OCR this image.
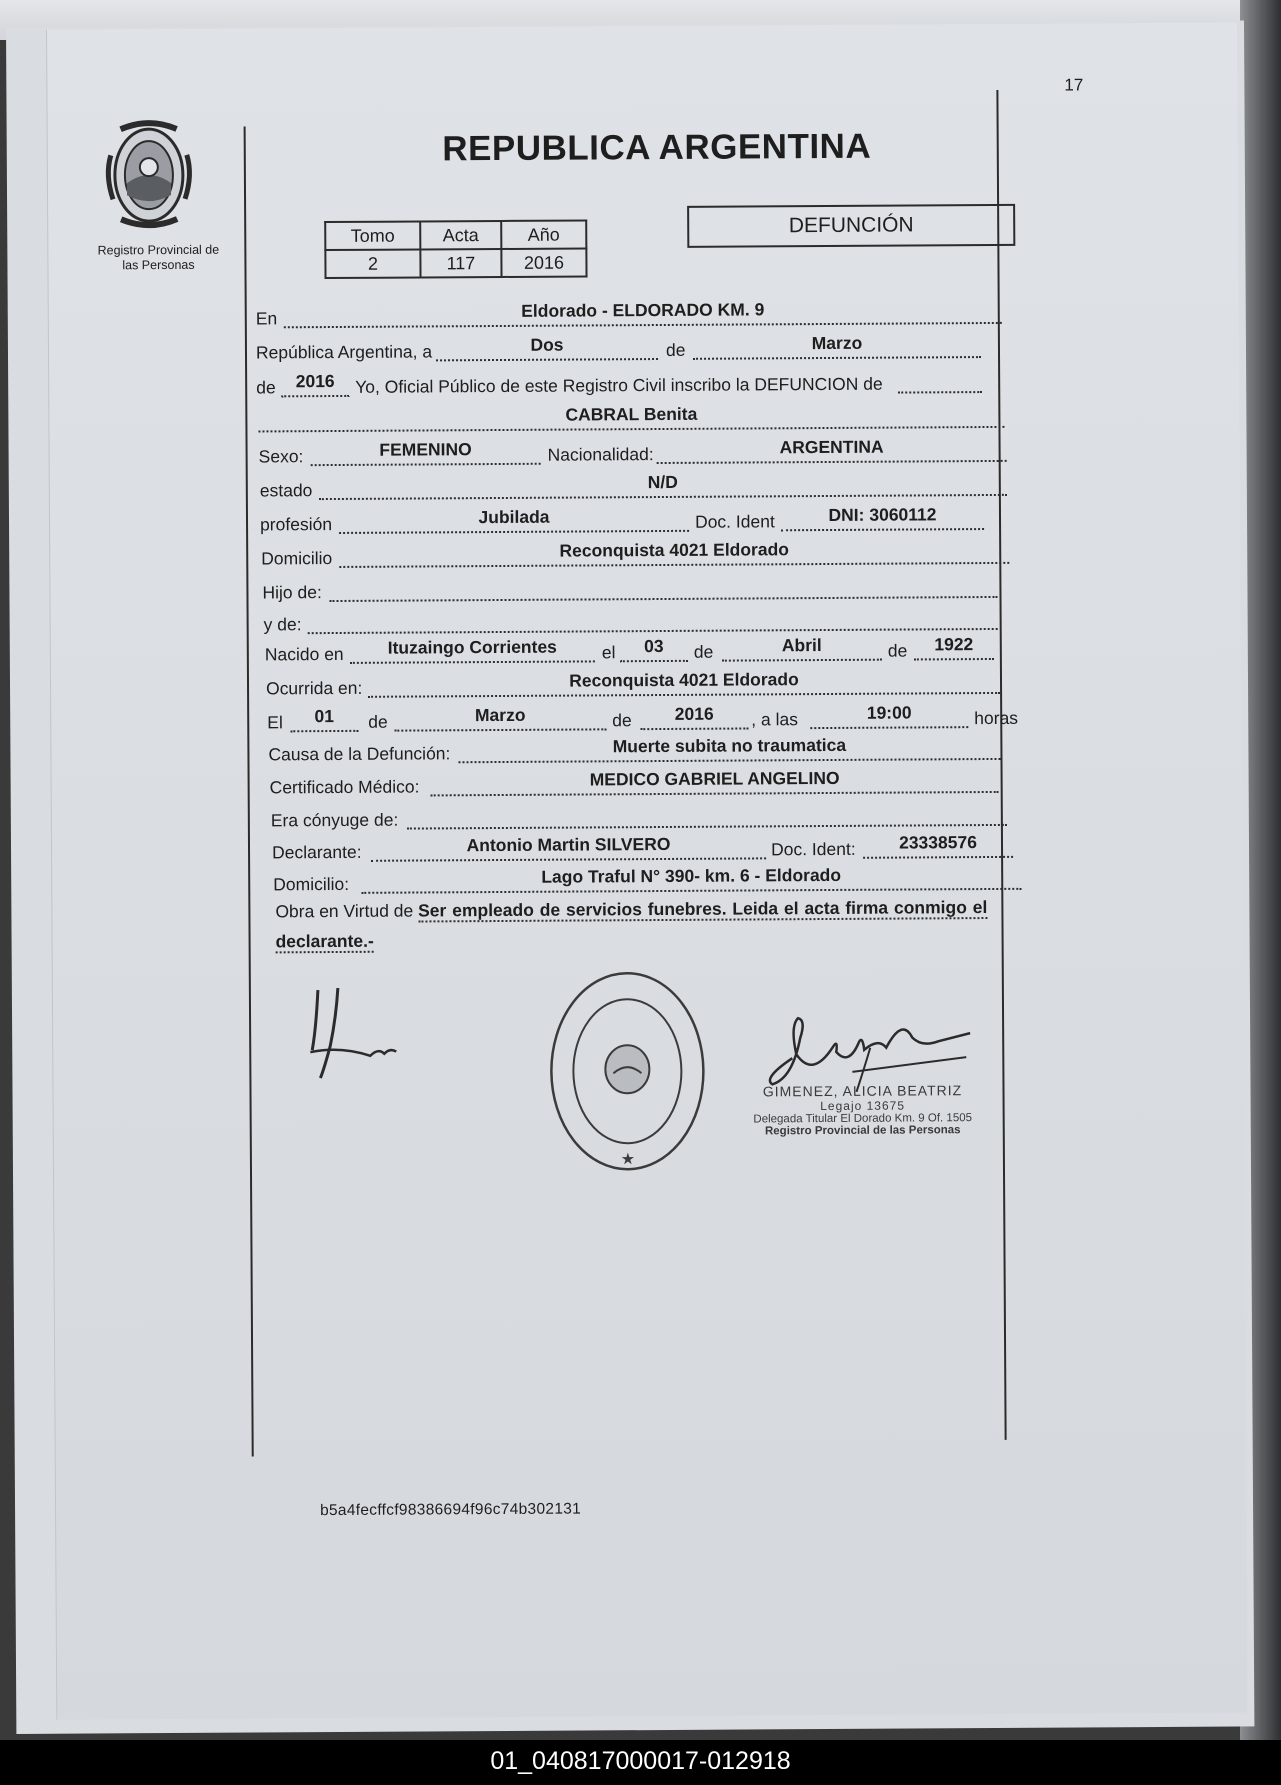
17
Registro Provincial de
las Personas
REPUBLICA ARGENTINA
Tomo	Acta	Año
2	117	2016
DEFUNCIÓN
En	Eldorado - ELDORADO KM. 9
República Argentina, a	Dos	de	Marzo
de	2016	Yo, Oficial Público de este Registro Civil inscribo la DEFUNCION de
CABRAL Benita
Sexo:	FEMENINO	Nacionalidad:	ARGENTINA
estado	N/D
profesión	Jubilada	Doc. Ident	DNI: 3060112
Domicilio	Reconquista 4021 Eldorado
Hijo de:
y de:
Nacido en	Ituzaingo Corrientes	el	03	de	Abril	de	1922
Ocurrida en:	Reconquista 4021 Eldorado
El	01	de	Marzo	de	2016	, a las	19:00	horas
Causa de la Defunción:	Muerte subita no traumatica
Certificado Médico:	MEDICO GABRIEL ANGELINO
Era cónyuge de:
Declarante:	Antonio Martin SILVERO	Doc. Ident:	23338576
Domicilio:	Lago Traful N° 390- km. 6 - Eldorado
Obra en Virtud de Ser empleado de servicios funebres. Leida el acta firma conmigo el declarante.-
★
GIMENEZ, ALICIA BEATRIZ
Legajo 13675
Delegada Titular El Dorado Km. 9 Of. 1505
Registro Provincial de las Personas
b5a4fecffcf98386694f96c74b302131
01_040817000017-012918
